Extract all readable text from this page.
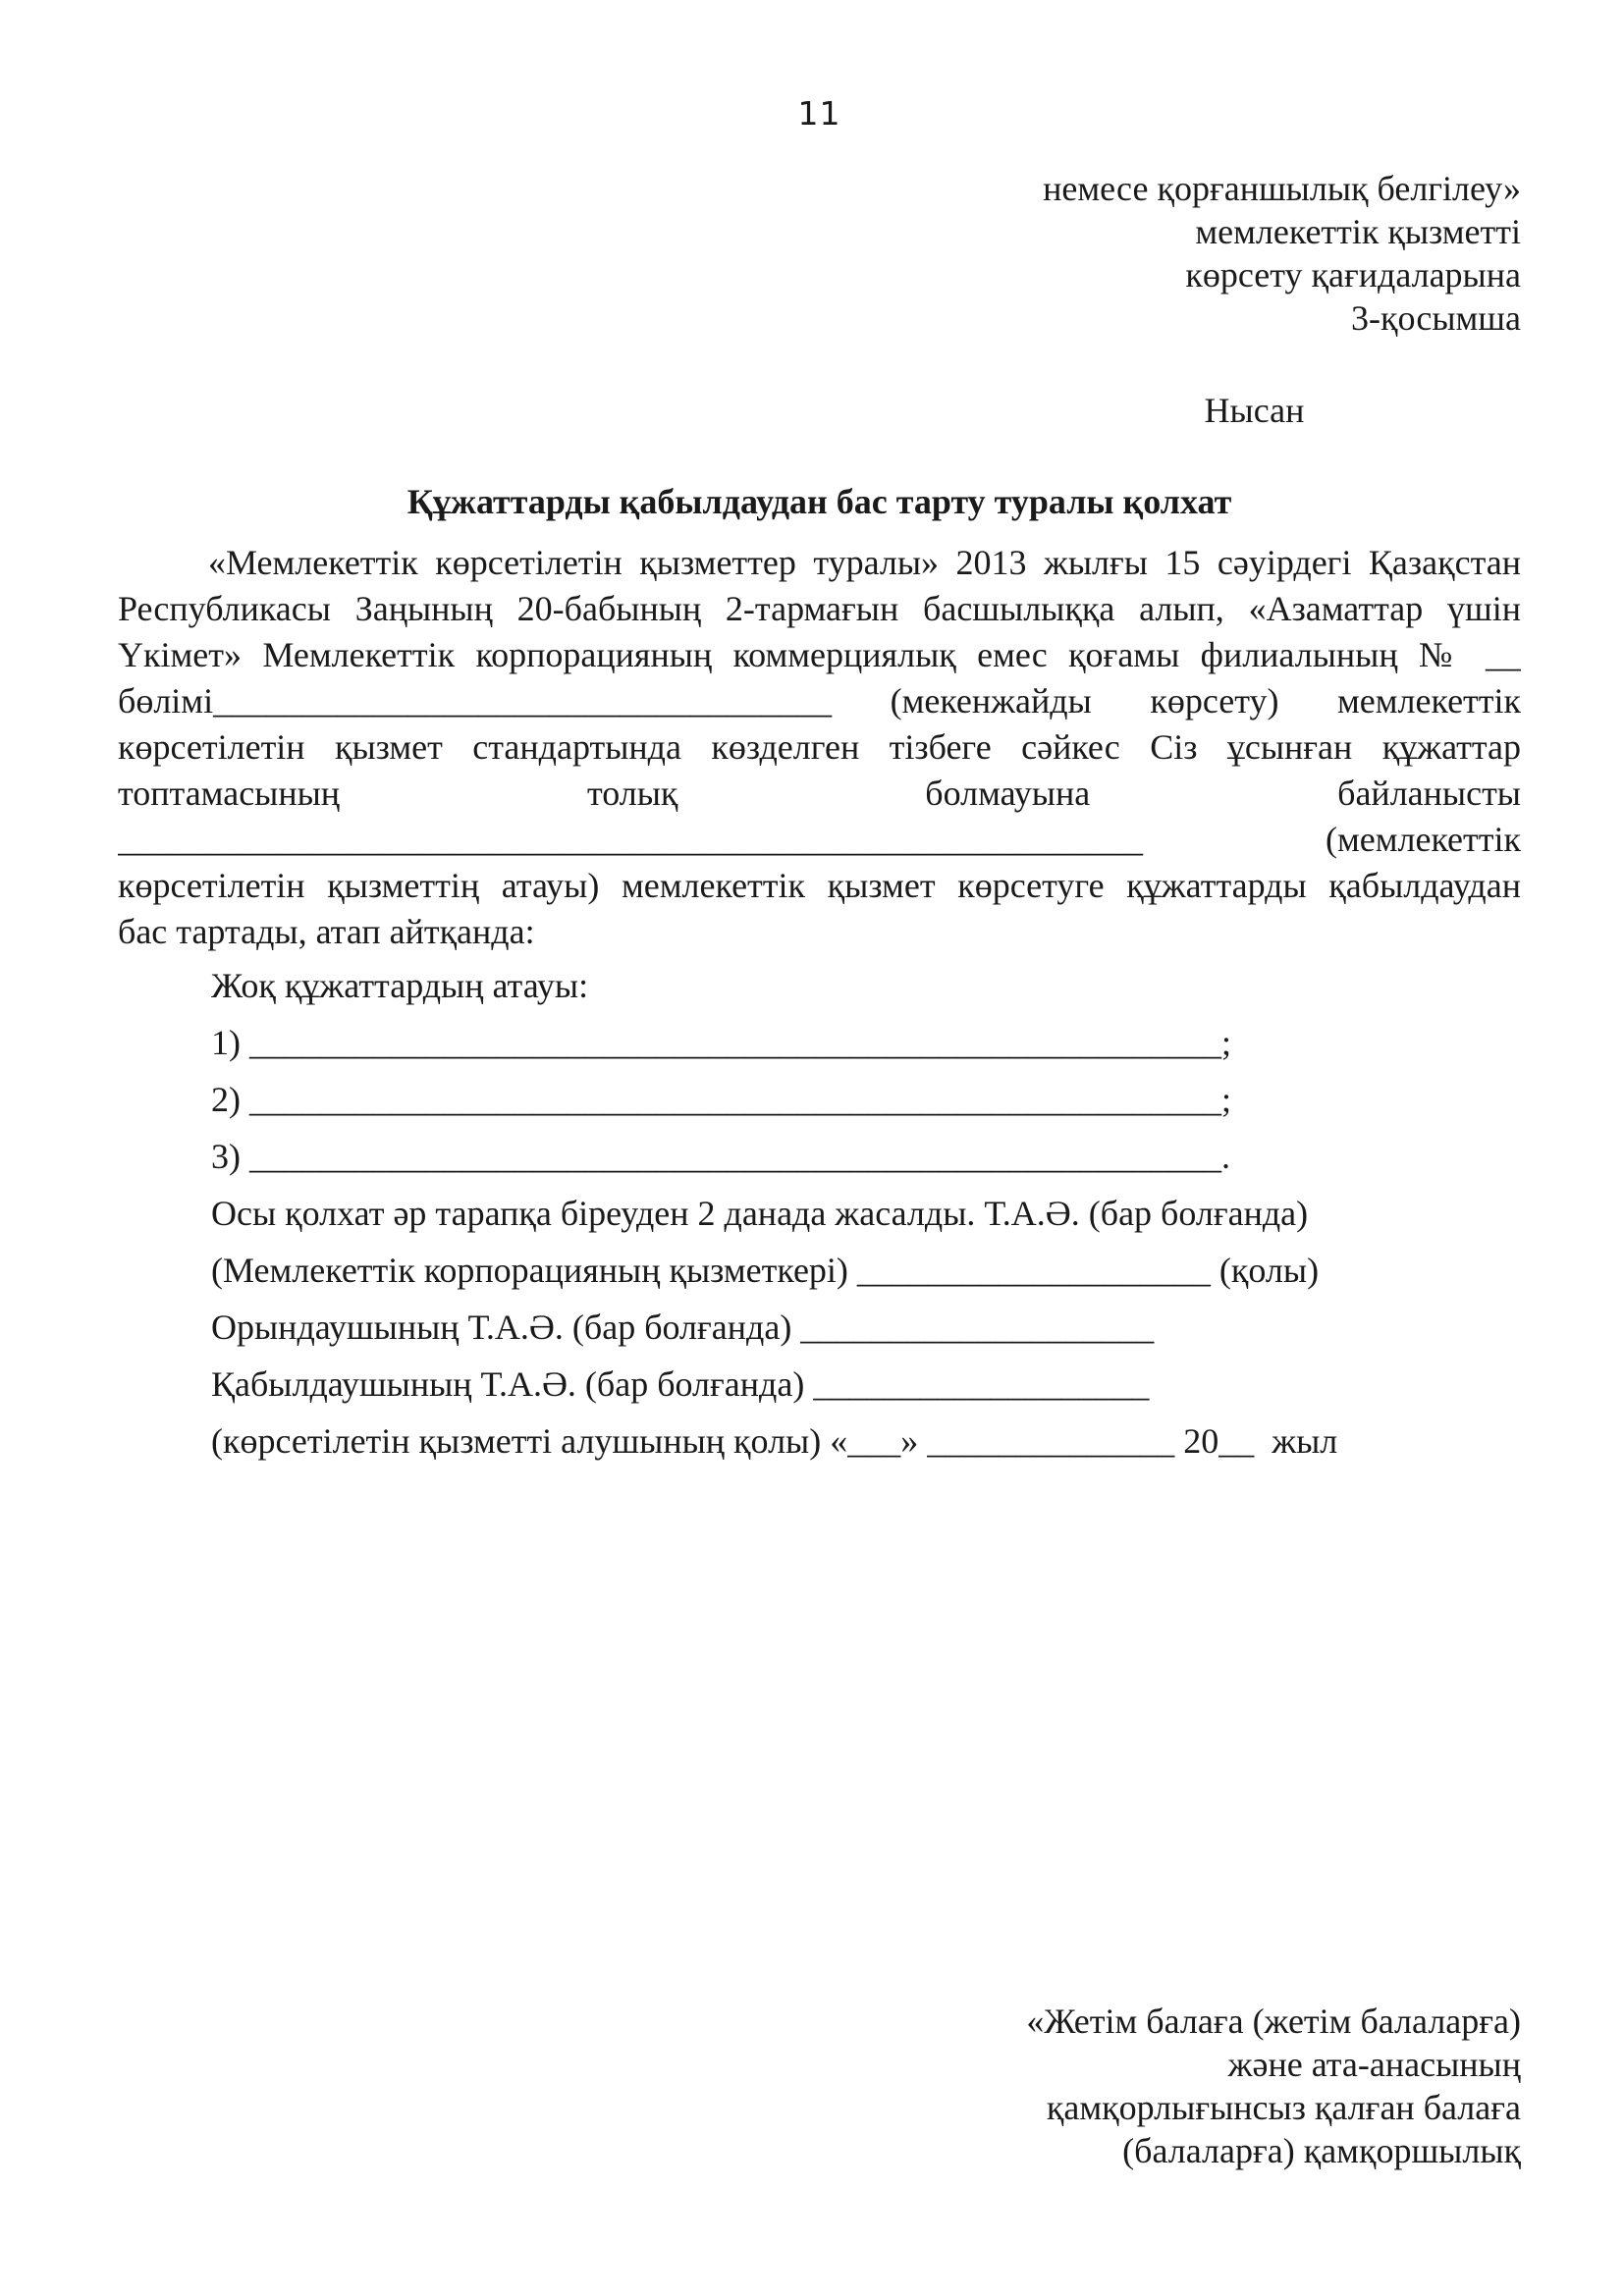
11
немесе қорғаншылық белгілеу»
мемлекеттік қызметті
көрсету қағидаларына
3-қосымша
Нысан
Құжаттарды қабылдаудан бас тарту туралы қолхат
«Мемлекеттік көрсетілетін қызметтер туралы» 2013 жылғы 15 сәуірдегі Қазақстан
Республикасы Заңының 20-бабының 2-тармағын басшылыққа алып, «Азаматтар үшін
Үкімет» Мемлекеттік корпорацияның коммерциялық емес қоғамы филиалының № __
бөлімі___________________________________ (мекенжайды көрсету) мемлекеттік
көрсетілетін қызмет стандартында көзделген тізбеге сәйкес Сіз ұсынған құжаттар
топтамасының толық болмауына байланысты
__________________________________________________________ (мемлекеттік
көрсетілетін қызметтің атауы) мемлекеттік қызмет көрсетуге құжаттарды қабылдаудан
бас тартады, атап айтқанда:
Жоқ құжаттардың атауы:
1) _______________________________________________________;
2) _______________________________________________________;
3) _______________________________________________________.
Осы қолхат әр тарапқа біреуден 2 данада жасалды. Т.А.Ә. (бар болғанда)
(Мемлекеттік корпорацияның қызметкері) ____________________ (қолы)
Орындаушының Т.А.Ә. (бар болғанда) ____________________
Қабылдаушының Т.А.Ә. (бар болғанда) ___________________
(көрсетілетін қызметті алушының қолы) «___» ______________ 20__  жыл
«Жетім балаға (жетім балаларға)
және ата-анасының
қамқорлығынсыз қалған балаға
(балаларға) қамқоршылық
